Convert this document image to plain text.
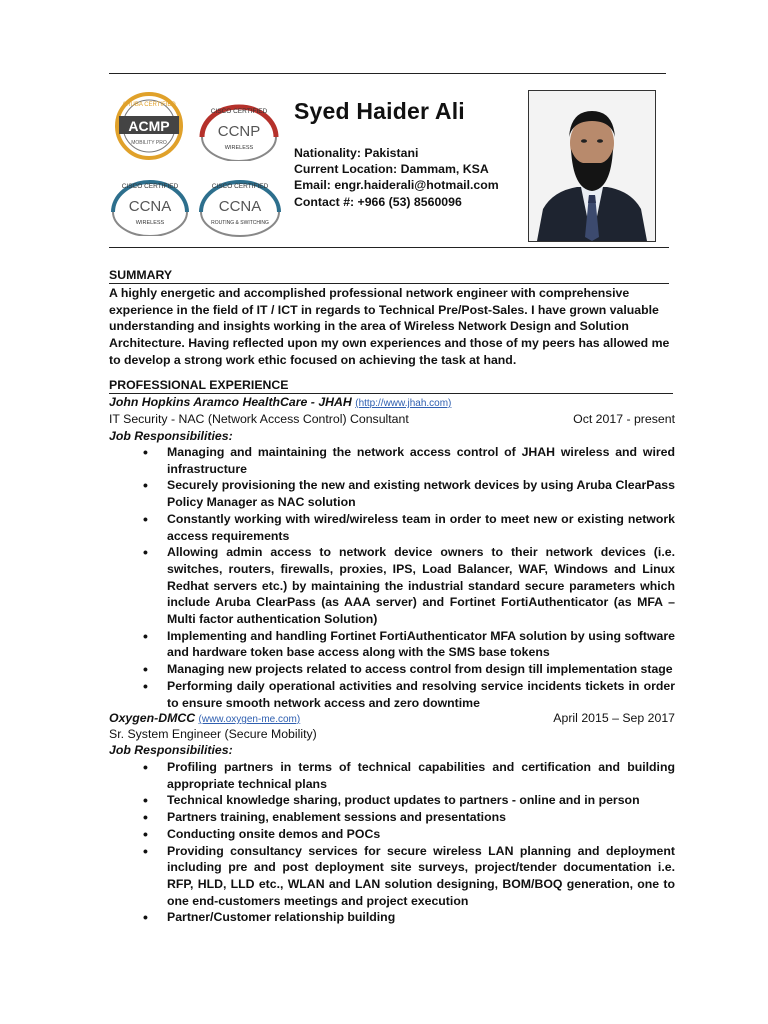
ARUBA CERTIFIED
ACMP
MOBILITY PRO
CISCO CERTIFIED
CCNP
WIRELESS
CISCO CERTIFIED
CCNA
WIRELESS
CISCO CERTIFIED
CCNA
ROUTING & SWITCHING
Syed Haider Ali
Nationality: Pakistani
Current Location: Dammam, KSA
Email: engr.haiderali@hotmail.com
Contact #: +966 (53) 8560096
SUMMARY
A highly energetic and accomplished professional network engineer with comprehensive experience in the field of IT / ICT in regards to Technical Pre/Post-Sales. I have grown valuable understanding and insights working in the area of Wireless Network Design and Solution Architecture. Having reflected upon my own experiences and those of my peers has allowed me to develop a strong work ethic focused on achieving the task at hand.
PROFESSIONAL EXPERIENCE
John Hopkins Aramco HealthCare - JHAH (http://www.jhah.com)
IT Security - NAC (Network Access Control) Consultant	Oct 2017 - present
Job Responsibilities:
• Managing and maintaining the network access control of JHAH wireless and wired infrastructure
• Securely provisioning the new and existing network devices by using Aruba ClearPass Policy Manager as NAC solution
• Constantly working with wired/wireless team in order to meet new or existing network access requirements
• Allowing admin access to network device owners to their network devices (i.e. switches, routers, firewalls, proxies, IPS, Load Balancer, WAF, Windows and Linux Redhat servers etc.) by maintaining the industrial standard secure parameters which include Aruba ClearPass (as AAA server) and Fortinet FortiAuthenticator (as MFA – Multi factor authentication Solution)
• Implementing and handling Fortinet FortiAuthenticator MFA solution by using software and hardware token base access along with the SMS base tokens
• Managing new projects related to access control from design till implementation stage
• Performing daily operational activities and resolving service incidents tickets in order to ensure smooth network access and zero downtime
Oxygen-DMCC (www.oxygen-me.com)	April 2015 – Sep 2017
Sr. System Engineer (Secure Mobility)
Job Responsibilities:
• Profiling partners in terms of technical capabilities and certification and building appropriate technical plans
• Technical knowledge sharing, product updates to partners - online and in person
• Partners training, enablement sessions and presentations
• Conducting onsite demos and POCs
• Providing consultancy services for secure wireless LAN planning and deployment including pre and post deployment site surveys, project/tender documentation i.e. RFP, HLD, LLD etc., WLAN and LAN solution designing, BOM/BOQ generation, one to one end-customers meetings and project execution
• Partner/Customer relationship building
